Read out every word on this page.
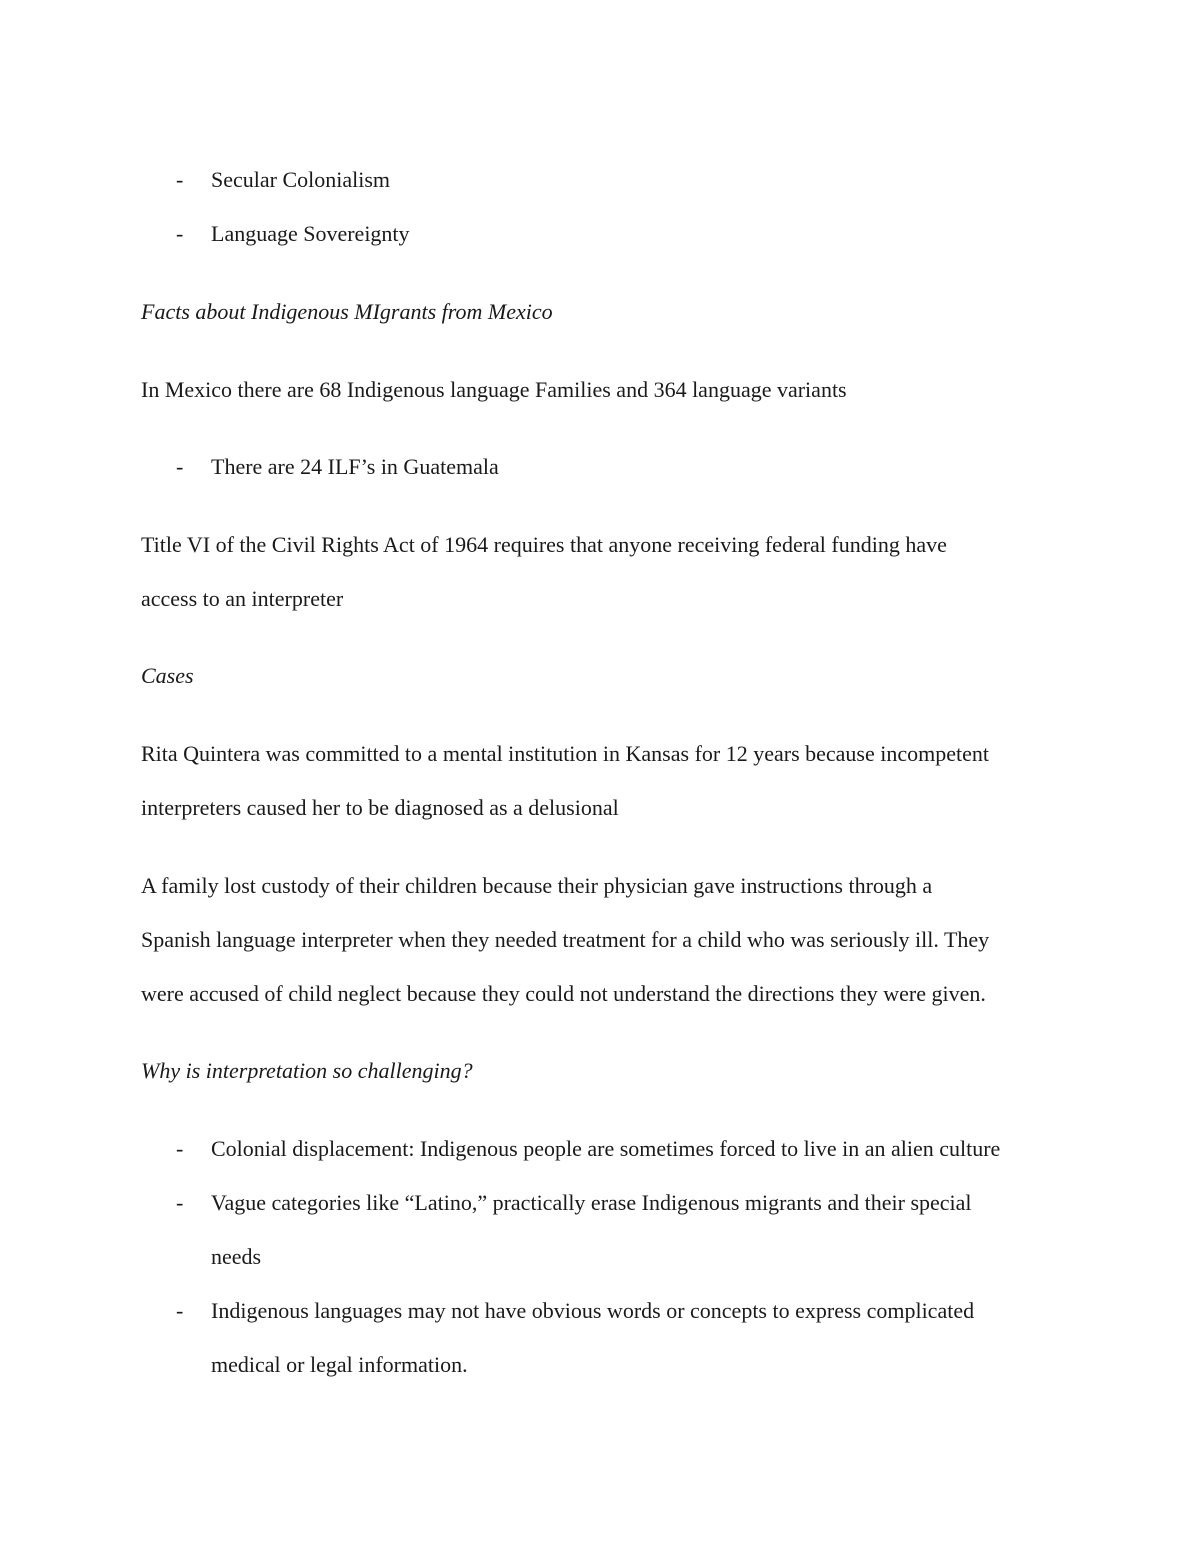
- Secular Colonialism
- Language Sovereignty
Facts about Indigenous MIgrants from Mexico
In Mexico there are 68 Indigenous language Families and 364 language variants
- There are 24 ILF’s in Guatemala
Title VI of the Civil Rights Act of 1964 requires that anyone receiving federal funding have
access to an interpreter
Cases
Rita Quintera was committed to a mental institution in Kansas for 12 years because incompetent
interpreters caused her to be diagnosed as a delusional
A family lost custody of their children because their physician gave instructions through a
Spanish language interpreter when they needed treatment for a child who was seriously ill. They
were accused of child neglect because they could not understand the directions they were given.
Why is interpretation so challenging?
- Colonial displacement: Indigenous people are sometimes forced to live in an alien culture
- Vague categories like “Latino,” practically erase Indigenous migrants and their special
needs
- Indigenous languages may not have obvious words or concepts to express complicated
medical or legal information.
